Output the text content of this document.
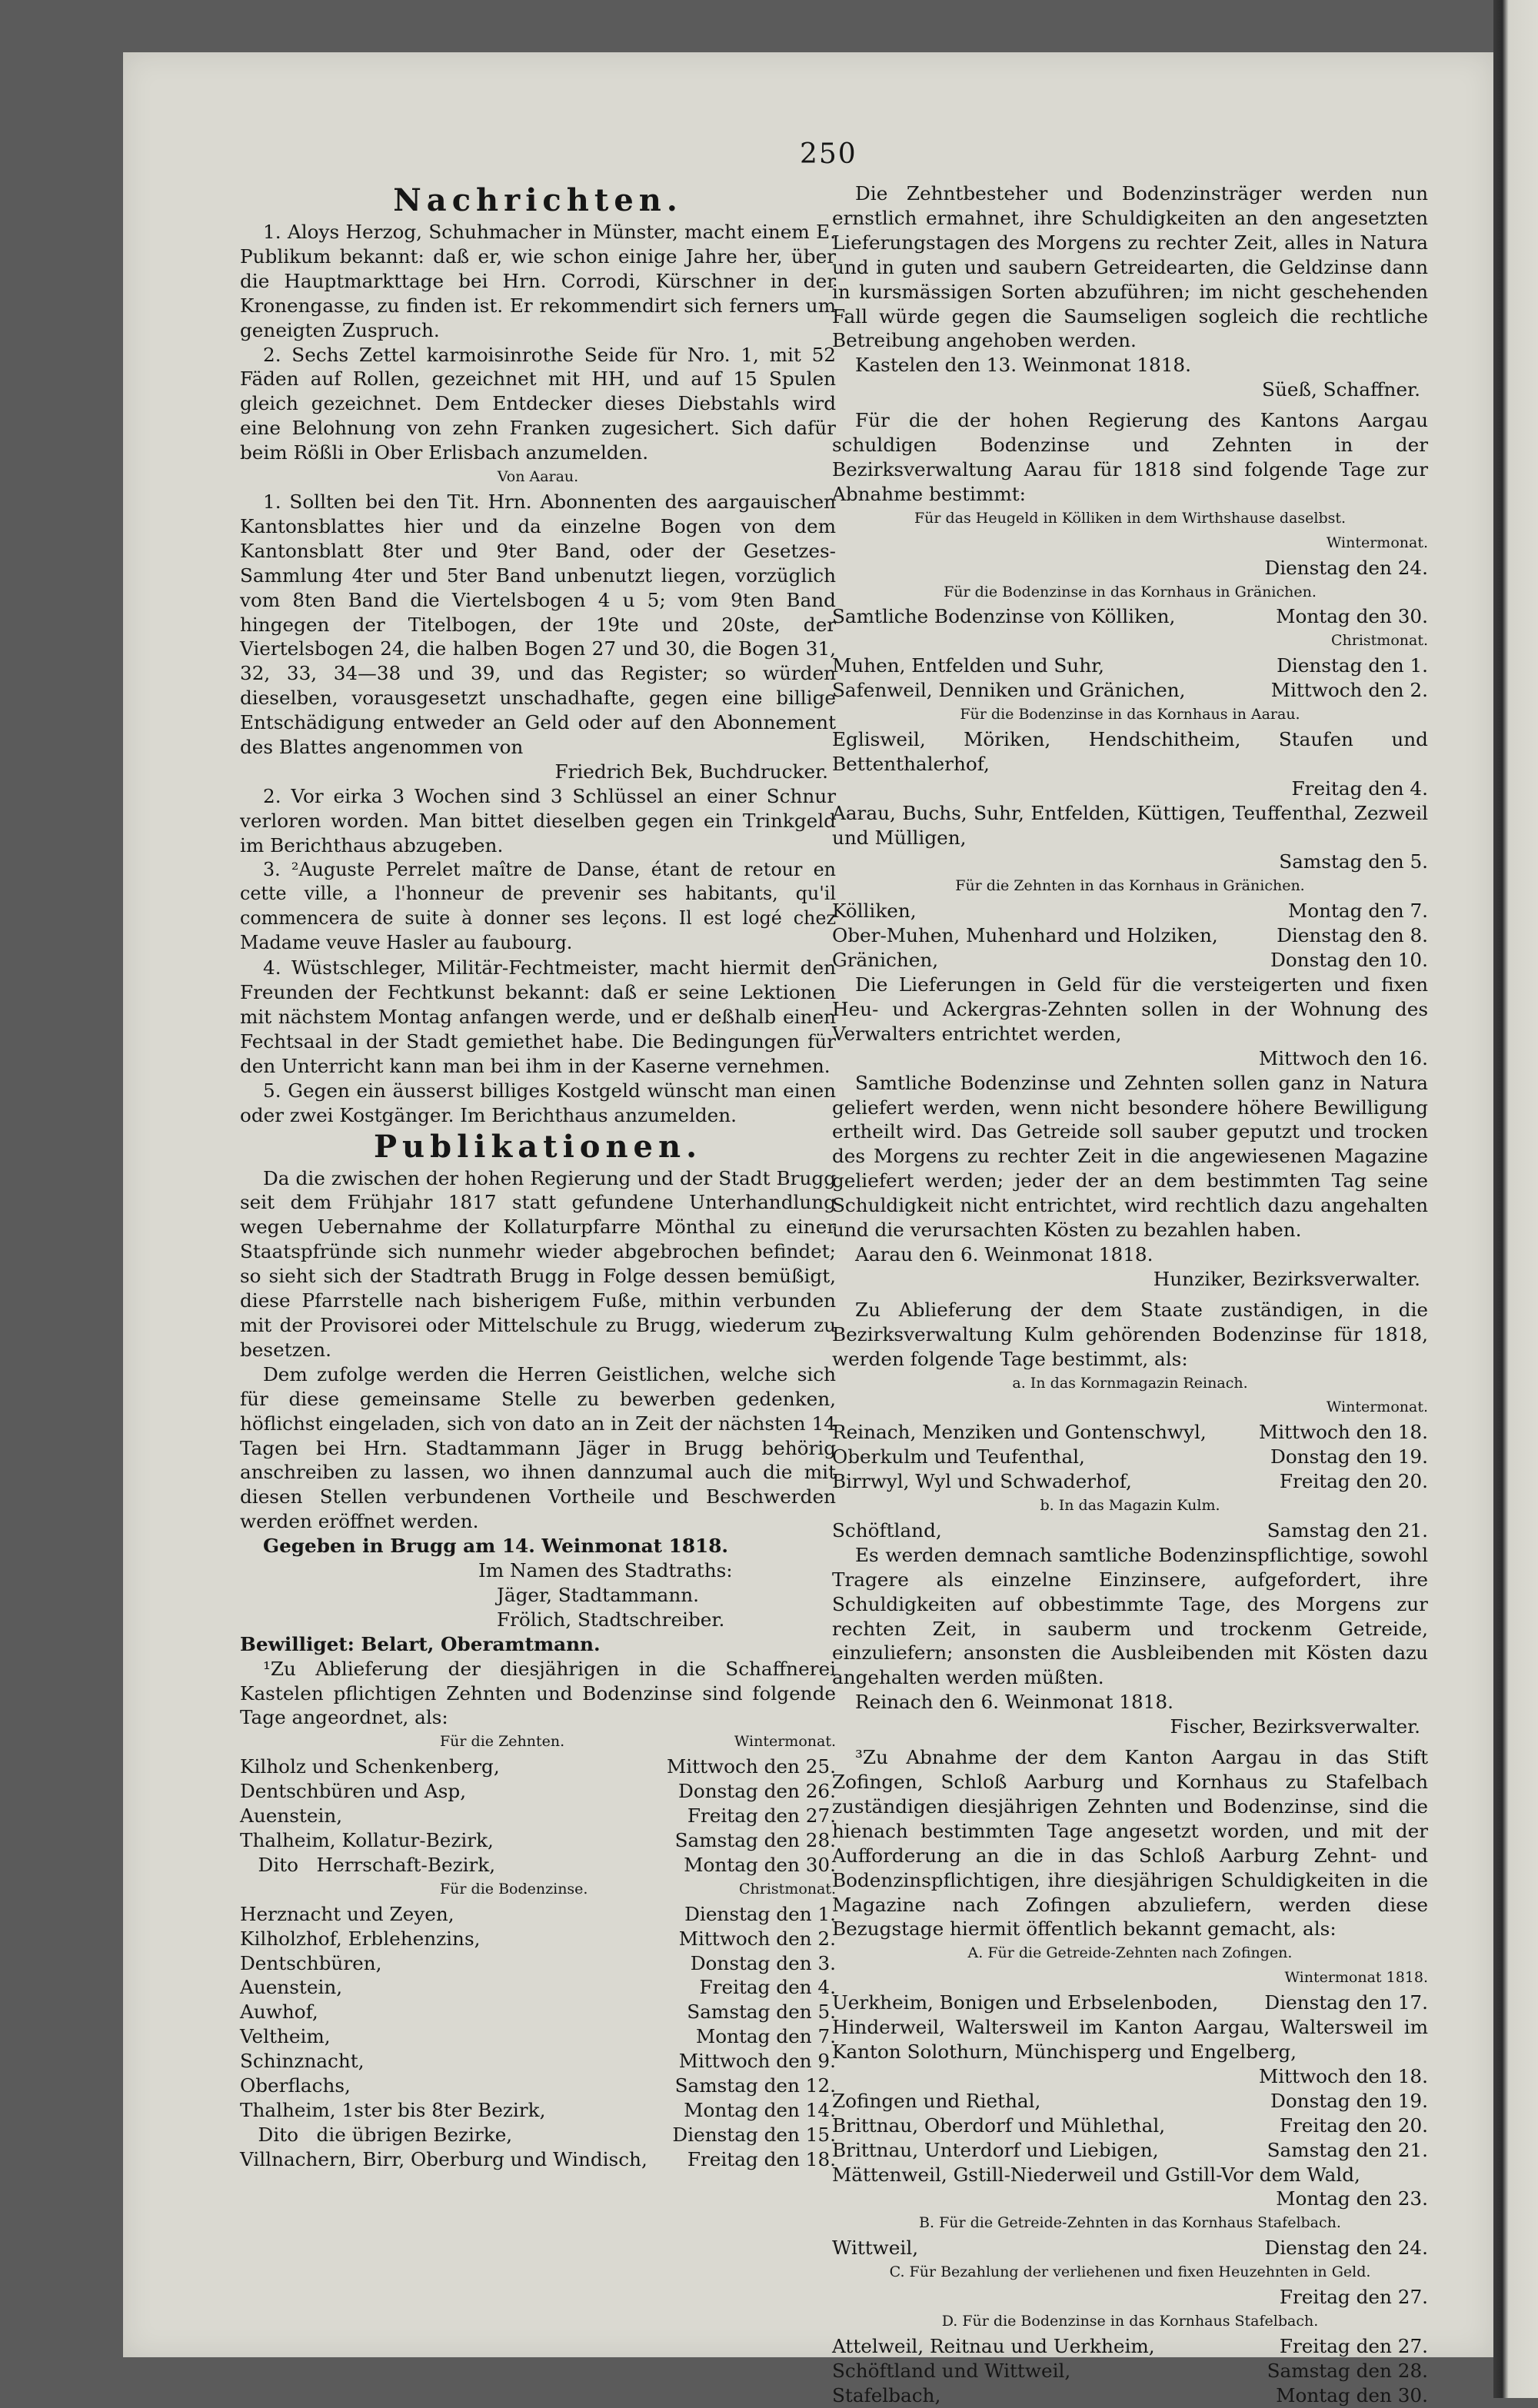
250

Nachrichten.

1. Aloys Herzog, Schuhmacher in Münster, macht einem E. Publikum bekannt: daß er, wie schon einige Jahre her, über die Hauptmarkttage bei Hrn. Corrodi, Kürschner in der Kronengasse, zu finden ist. Er rekommendirt sich ferners um geneigten Zuspruch.

2. Sechs Zettel karmoisinrothe Seide für Nro. 1, mit 52 Fäden auf Rollen, gezeichnet mit HH, und auf 15 Spulen gleich gezeichnet. Dem Entdecker dieses Diebstahls wird eine Belohnung von zehn Franken zugesichert. Sich dafür beim Rößli in Ober Erlisbach anzumelden.

Von Aarau.

1. Sollten bei den Tit. Hrn. Abonnenten des aargauischen Kantonsblattes hier und da einzelne Bogen von dem Kantonsblatt 8ter und 9ter Band, oder der Gesetzes-Sammlung 4ter und 5ter Band unbenutzt liegen, vorzüglich vom 8ten Band die Viertelsbogen 4 u 5; vom 9ten Band hingegen der Titelbogen, der 19te und 20ste, der Viertelsbogen 24, die halben Bogen 27 und 30, die Bogen 31, 32, 33, 34—38 und 39, und das Register; so würden dieselben, vorausgesetzt unschadhafte, gegen eine billige Entschädigung entweder an Geld oder auf den Abonnement des Blattes angenommen von

Friedrich Bek, Buchdrucker.

2. Vor eirka 3 Wochen sind 3 Schlüssel an einer Schnur verloren worden. Man bittet dieselben gegen ein Trinkgeld im Berichthaus abzugeben.

3. ²Auguste Perrelet maître de Danse, étant de retour en cette ville, a l'honneur de prevenir ses habitants, qu'il commencera de suite à donner ses leçons. Il est logé chez Madame veuve Hasler au faubourg.

4. Wüstschleger, Militär-Fechtmeister, macht hiermit den Freunden der Fechtkunst bekannt: daß er seine Lektionen mit nächstem Montag anfangen werde, und er deßhalb einen Fechtsaal in der Stadt gemiethet habe. Die Bedingungen für den Unterricht kann man bei ihm in der Kaserne vernehmen.

5. Gegen ein äusserst billiges Kostgeld wünscht man einen oder zwei Kostgänger. Im Berichthaus anzumelden.

Publikationen.

Da die zwischen der hohen Regierung und der Stadt Brugg seit dem Frühjahr 1817 statt gefundene Unterhandlung wegen Uebernahme der Kollaturpfarre Mönthal zu einer Staatspfründe sich nunmehr wieder abgebrochen befindet; so sieht sich der Stadtrath Brugg in Folge dessen bemüßigt, diese Pfarrstelle nach bisherigem Fuße, mithin verbunden mit der Provisorei oder Mittelschule zu Brugg, wiederum zu besetzen.

Dem zufolge werden die Herren Geistlichen, welche sich für diese gemeinsame Stelle zu bewerben gedenken, höflichst eingeladen, sich von dato an in Zeit der nächsten 14 Tagen bei Hrn. Stadtammann Jäger in Brugg behörig anschreiben zu lassen, wo ihnen dannzumal auch die mit diesen Stellen verbundenen Vortheile und Beschwerden werden eröffnet werden.

Gegeben in Brugg am 14. Weinmonat 1818.

Im Namen des Stadtraths:
Jäger, Stadtammann.
Frölich, Stadtschreiber.

Bewilliget: Belart, Oberamtmann.

¹Zu Ablieferung der diesjährigen in die Schaffnerei Kastelen pflichtigen Zehnten und Bodenzinse sind folgende Tage angeordnet, als:

Für die Zehnten.	Wintermonat.
Kilholz und Schenkenberg,	Mittwoch den 25.
Dentschbüren und Asp,	Donstag den 26.
Auenstein,	Freitag den 27.
Thalheim, Kollatur-Bezirk,	Samstag den 28.
Dito   Herrschaft-Bezirk,	Montag den 30.
Für die Bodenzinse.	Christmonat.
Herznacht und Zeyen,	Dienstag den 1.
Kilholzhof, Erblehenzins,	Mittwoch den 2.
Dentschbüren,	Donstag den 3.
Auenstein,	Freitag den 4.
Auwhof,	Samstag den 5.
Veltheim,	Montag den 7.
Schinznacht,	Mittwoch den 9.
Oberflachs,	Samstag den 12.
Thalheim, 1ster bis 8ter Bezirk,	Montag den 14.
Dito   die übrigen Bezirke,	Dienstag den 15.
Villnachern, Birr, Oberburg und Windisch, Freitag den 18.

Die Zehntbesteher und Bodenzinsträger werden nun ernstlich ermahnet, ihre Schuldigkeiten an den angesetzten Lieferungstagen des Morgens zu rechter Zeit, alles in Natura und in guten und saubern Getreidearten, die Geldzinse dann in kursmässigen Sorten abzuführen; im nicht geschehenden Fall würde gegen die Saumseligen sogleich die rechtliche Betreibung angehoben werden.

Kastelen den 13. Weinmonat 1818.

Süeß, Schaffner.

Für die der hohen Regierung des Kantons Aargau schuldigen Bodenzinse und Zehnten in der Bezirksverwaltung Aarau für 1818 sind folgende Tage zur Abnahme bestimmt:

Für das Heugeld in Kölliken in dem Wirthshause daselbst.

Wintermonat.

Dienstag den 24.

Für die Bodenzinse in das Kornhaus in Gränichen.

Samtliche Bodenzinse von Kölliken,	Montag den 30.

Christmonat.

Muhen, Entfelden und Suhr,	Dienstag den 1.
Safenweil, Denniken und Gränichen,	Mittwoch den 2.

Für die Bodenzinse in das Kornhaus in Aarau.

Eglisweil, Möriken, Hendschitheim, Staufen und Bettenthalerhof,

Freitag den 4.

Aarau, Buchs, Suhr, Entfelden, Küttigen, Teuffenthal, Zezweil und Mülligen,

Samstag den 5.

Für die Zehnten in das Kornhaus in Gränichen.

Kölliken,	Montag den 7.
Ober-Muhen, Muhenhard und Holziken,	Dienstag den 8.
Gränichen,	Donstag den 10.

Die Lieferungen in Geld für die versteigerten und fixen Heu- und Ackergras-Zehnten sollen in der Wohnung des Verwalters entrichtet werden,

Mittwoch den 16.

Samtliche Bodenzinse und Zehnten sollen ganz in Natura geliefert werden, wenn nicht besondere höhere Bewilligung ertheilt wird. Das Getreide soll sauber geputzt und trocken des Morgens zu rechter Zeit in die angewiesenen Magazine geliefert werden; jeder der an dem bestimmten Tag seine Schuldigkeit nicht entrichtet, wird rechtlich dazu angehalten und die verursachten Kösten zu bezahlen haben.

Aarau den 6. Weinmonat 1818.

Hunziker, Bezirksverwalter.

Zu Ablieferung der dem Staate zuständigen, in die Bezirksverwaltung Kulm gehörenden Bodenzinse für 1818, werden folgende Tage bestimmt, als:

a. In das Kornmagazin Reinach.

Wintermonat.

Reinach, Menziken und Gontenschwyl,	Mittwoch den 18.
Oberkulm und Teufenthal,	Donstag den 19.
Birrwyl, Wyl und Schwaderhof,	Freitag den 20.

b. In das Magazin Kulm.

Schöftland,	Samstag den 21.

Es werden demnach samtliche Bodenzinspflichtige, sowohl Tragere als einzelne Einzinsere, aufgefordert, ihre Schuldigkeiten auf obbestimmte Tage, des Morgens zur rechten Zeit, in sauberm und trockenm Getreide, einzuliefern; ansonsten die Ausbleibenden mit Kösten dazu angehalten werden müßten.

Reinach den 6. Weinmonat 1818.

Fischer, Bezirksverwalter.

³Zu Abnahme der dem Kanton Aargau in das Stift Zofingen, Schloß Aarburg und Kornhaus zu Stafelbach zuständigen diesjährigen Zehnten und Bodenzinse, sind die hienach bestimmten Tage angesetzt worden, und mit der Aufforderung an die in das Schloß Aarburg Zehnt- und Bodenzinspflichtigen, ihre diesjährigen Schuldigkeiten in die Magazine nach Zofingen abzuliefern, werden diese Bezugstage hiermit öffentlich bekannt gemacht, als:

A. Für die Getreide-Zehnten nach Zofingen.

Wintermonat 1818.

Uerkheim, Bonigen und Erbselenboden, Dienstag den 17.

Hinderweil, Waltersweil im Kanton Aargau, Waltersweil im Kanton Solothurn, Münchisperg und Engelberg,

Mittwoch den 18.

Zofingen und Riethal,	Donstag den 19.
Brittnau, Oberdorf und Mühlethal,	Freitag den 20.
Brittnau, Unterdorf und Liebigen,	Samstag den 21.

Mättenweil, Gstill-Niederweil und Gstill-Vor dem Wald,

Montag den 23.

B. Für die Getreide-Zehnten in das Kornhaus Stafelbach.

Wittweil,	Dienstag den 24.

C. Für Bezahlung der verliehenen und fixen Heuzehnten in Geld.

Freitag den 27.

D. Für die Bodenzinse in das Kornhaus Stafelbach.

Attelweil, Reitnau und Uerkheim,	Freitag den 27.
Schöftland und Wittweil,	Samstag den 28.
Stafelbach,	Montag den 30.
